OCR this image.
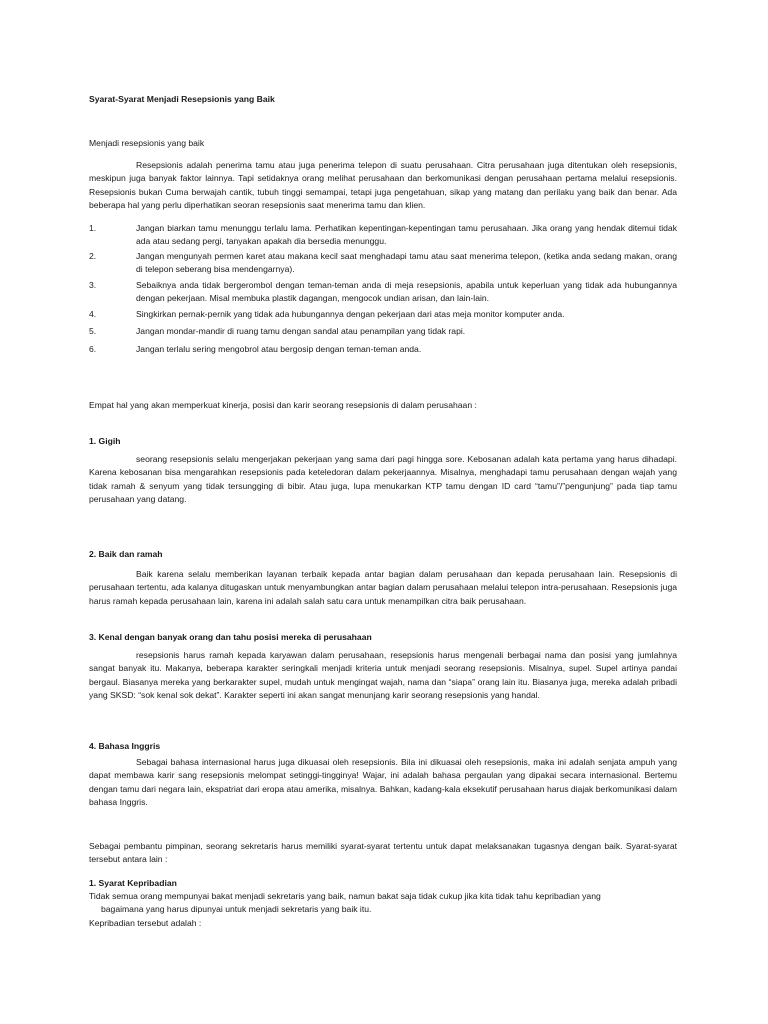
Syarat-Syarat Menjadi Resepsionis yang Baik
Menjadi resepsionis yang baik

Resepsionis adalah penerima tamu atau juga penerima telepon di suatu perusahaan. Citra perusahaan juga ditentukan oleh resepsionis, meskipun juga banyak faktor lainnya. Tapi setidaknya orang melihat perusahaan dan berkomunikasi dengan perusahaan pertama melalui resepsionis. Resepsionis bukan Cuma berwajah cantik, tubuh tinggi semampai, tetapi juga pengetahuan, sikap yang matang dan perilaku yang baik dan benar. Ada beberapa hal yang perlu diperhatikan seoran resepsionis saat menerima tamu dan klien.

1.	Jangan biarkan tamu menunggu terlalu lama. Perhatikan kepentingan-kepentingan tamu perusahaan. Jika orang yang hendak ditemui tidak ada atau sedang pergi, tanyakan apakah dia bersedia menunggu.
2.	Jangan mengunyah permen karet atau makana kecil saat menghadapi tamu atau saat menerima telepon, (ketika anda sedang makan, orang di telepon seberang bisa mendengarnya).
3.	Sebaiknya anda tidak bergerombol dengan teman-teman anda di meja resepsionis, apabila untuk keperluan yang tidak ada hubungannya dengan pekerjaan. Misal membuka plastik dagangan, mengocok undian arisan, dan lain-lain.
4.	Singkirkan pernak-pernik yang tidak ada hubungannya dengan pekerjaan dari atas meja monitor komputer anda.
5.	Jangan mondar-mandir di ruang tamu dengan sandal atau penampilan yang tidak rapi.
6.	Jangan terlalu sering mengobrol atau bergosip dengan teman-teman anda.
Empat hal yang akan memperkuat kinerja, posisi dan karir seorang resepsionis di dalam perusahaan :
1. Gigih

seorang resepsionis selalu mengerjakan pekerjaan yang sama dari pagi hingga sore. Kebosanan adalah kata pertama yang harus dihadapi. Karena kebosanan bisa mengarahkan resepsionis pada keteledoran dalam pekerjaannya. Misalnya, menghadapi tamu perusahaan dengan wajah yang tidak ramah & senyum yang tidak tersungging di bibir. Atau juga, lupa menukarkan KTP tamu dengan ID card “tamu”/”pengunjung” pada tiap tamu perusahaan yang datang.

2. Baik dan ramah

Baik karena selalu memberikan layanan terbaik kepada antar bagian dalam perusahaan dan kepada perusahaan lain. Resepsionis di perusahaan tertentu, ada kalanya ditugaskan untuk menyambungkan antar bagian dalam perusahaan melalui telepon intra-perusahaan. Resepsionis juga harus ramah kepada perusahaan lain, karena ini adalah salah satu cara untuk menampilkan citra baik perusahaan.

3. Kenal dengan banyak orang dan tahu posisi mereka di perusahaan

resepsionis harus ramah kepada karyawan dalam perusahaan, resepsionis harus mengenali berbagai nama dan posisi yang jumlahnya sangat banyak itu. Makanya, beberapa karakter seringkali menjadi kriteria untuk menjadi seorang resepsionis. Misalnya, supel. Supel artinya pandai bergaul. Biasanya mereka yang berkarakter supel, mudah untuk mengingat wajah, nama dan “siapa” orang lain itu. Biasanya juga, mereka adalah pribadi yang SKSD: “sok kenal sok dekat”. Karakter seperti ini akan sangat menunjang karir seorang resepsionis yang handal.

4. Bahasa Inggris

Sebagai bahasa internasional harus juga dikuasai oleh resepsionis. Bila ini dikuasai oleh resepsionis, maka ini adalah senjata ampuh yang dapat membawa karir sang resepsionis melompat setinggi-tingginya! Wajar, ini adalah bahasa pergaulan yang dipakai secara internasional. Bertemu dengan tamu dari negara lain, ekspatriat dari eropa atau amerika, misalnya. Bahkan, kadang-kala eksekutif perusahaan harus diajak berkomunikasi dalam bahasa Inggris.

Sebagai pembantu pimpinan, seorang sekretaris harus memiliki syarat-syarat tertentu untuk dapat melaksanakan tugasnya dengan baik. Syarat-syarat tersebut antara lain :

1. Syarat Kepribadian
Tidak semua orang mempunyai bakat menjadi sekretaris yang baik, namun bakat saja tidak cukup jika kita tidak tahu kepribadian yang
bagaimana yang harus dipunyai untuk menjadi sekretaris yang baik itu.
Kepribadian tersebut adalah :
